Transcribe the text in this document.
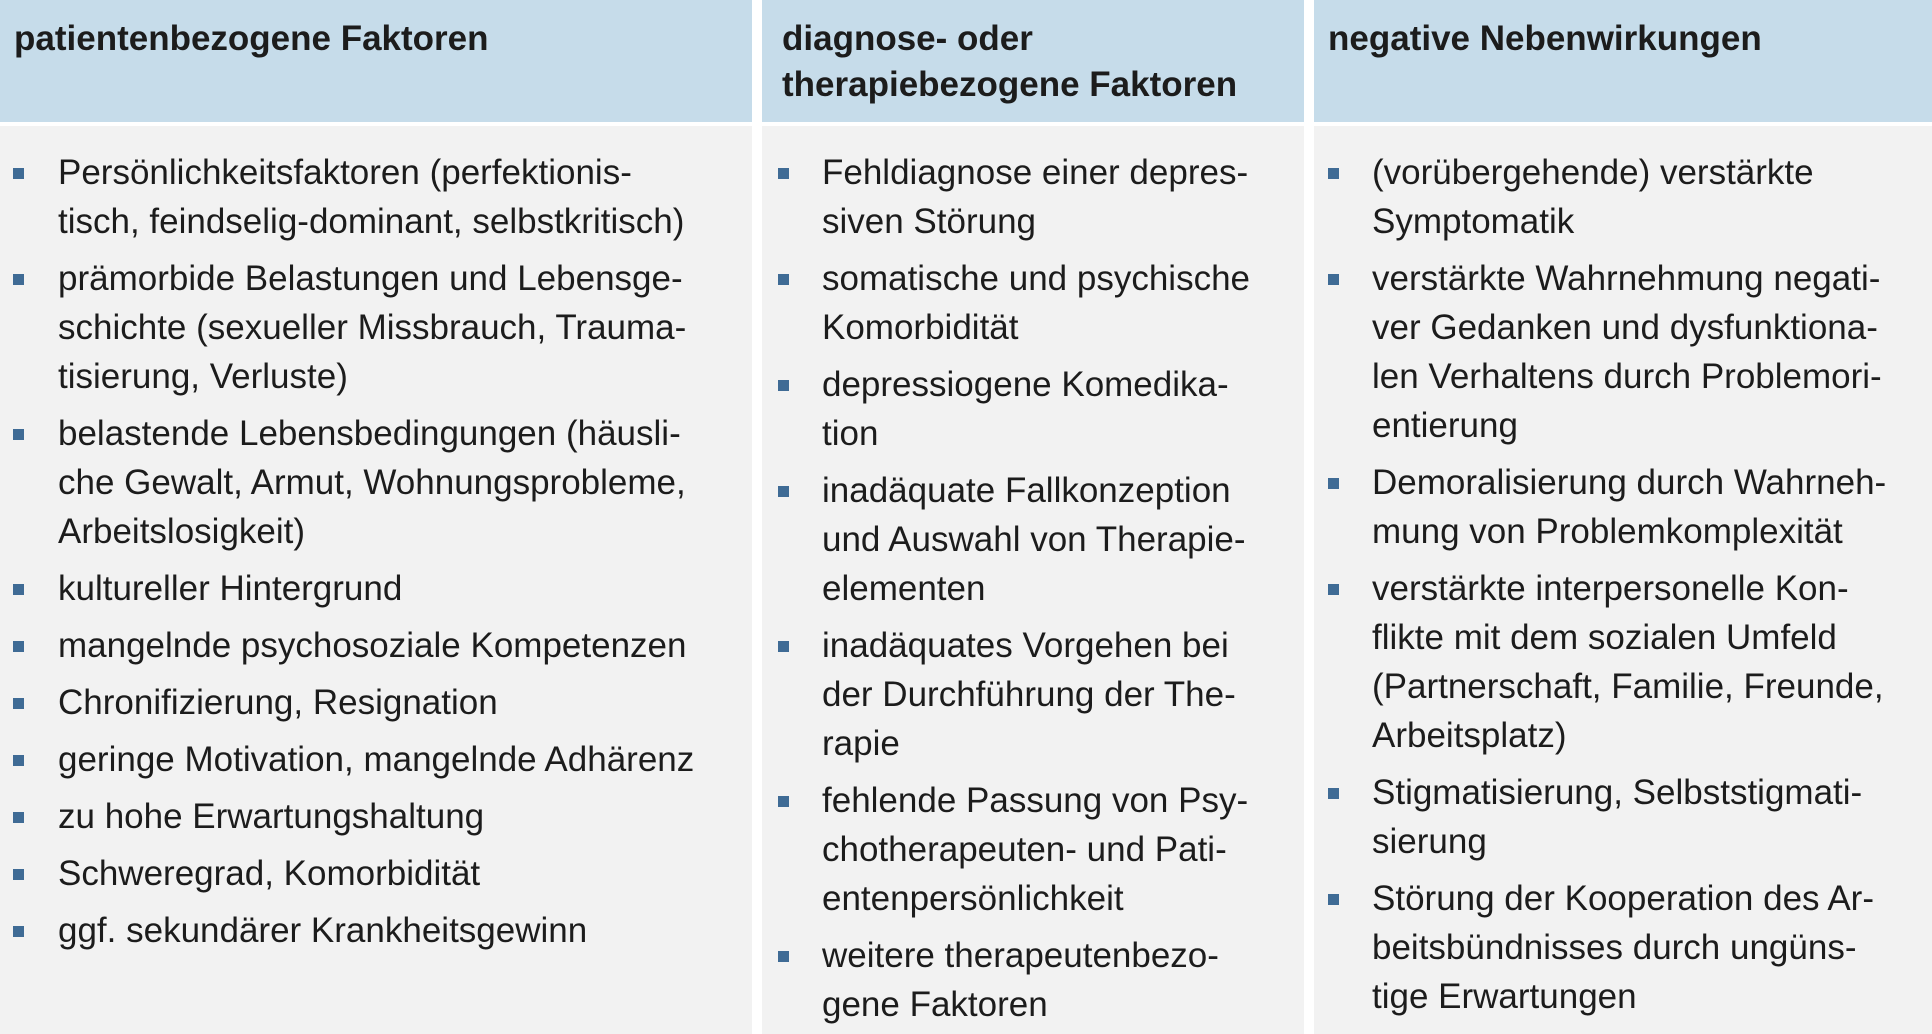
patientenbezogene Faktoren	diagnose- oder
therapiebezogene Faktoren
negative Nebenwirkungen
Persönlichkeitsfaktoren (perfektionis-
tisch, feindselig-dominant, selbstkritisch)
prämorbide Belastungen und Lebensge-
schichte (sexueller Missbrauch, Trauma-
tisierung, Verluste)
belastende Lebensbedingungen (häusli-
che Gewalt, Armut, Wohnungsprobleme,
Arbeitslosigkeit)
kultureller Hintergrund
mangelnde psychosoziale Kompetenzen
Chronifizierung, Resignation
geringe Motivation, mangelnde Adhärenz
zu hohe Erwartungshaltung
Schweregrad, Komorbidität
ggf. sekundärer Krankheitsgewinn
Fehldiagnose einer depres-
siven Störung
somatische und psychische
Komorbidität
depressiogene Komedika-
tion
inadäquate Fallkonzeption
und Auswahl von Therapie-
elementen
inadäquates Vorgehen bei
der Durchführung der The-
rapie
fehlende Passung von Psy-
chotherapeuten- und Pati-
entenpersönlichkeit
weitere therapeutenbezo-
gene Faktoren
(vorübergehende) verstärkte
Symptomatik
verstärkte Wahrnehmung negati-
ver Gedanken und dysfunktiona-
len Verhaltens durch Problemori-
entierung
Demoralisierung durch Wahrneh-
mung von Problemkomplexität
verstärkte interpersonelle Kon-
flikte mit dem sozialen Umfeld
(Partnerschaft, Familie, Freunde,
Arbeitsplatz)
Stigmatisierung, Selbststigmati-
sierung
Störung der Kooperation des Ar-
beitsbündnisses durch ungüns-
tige Erwartungen
